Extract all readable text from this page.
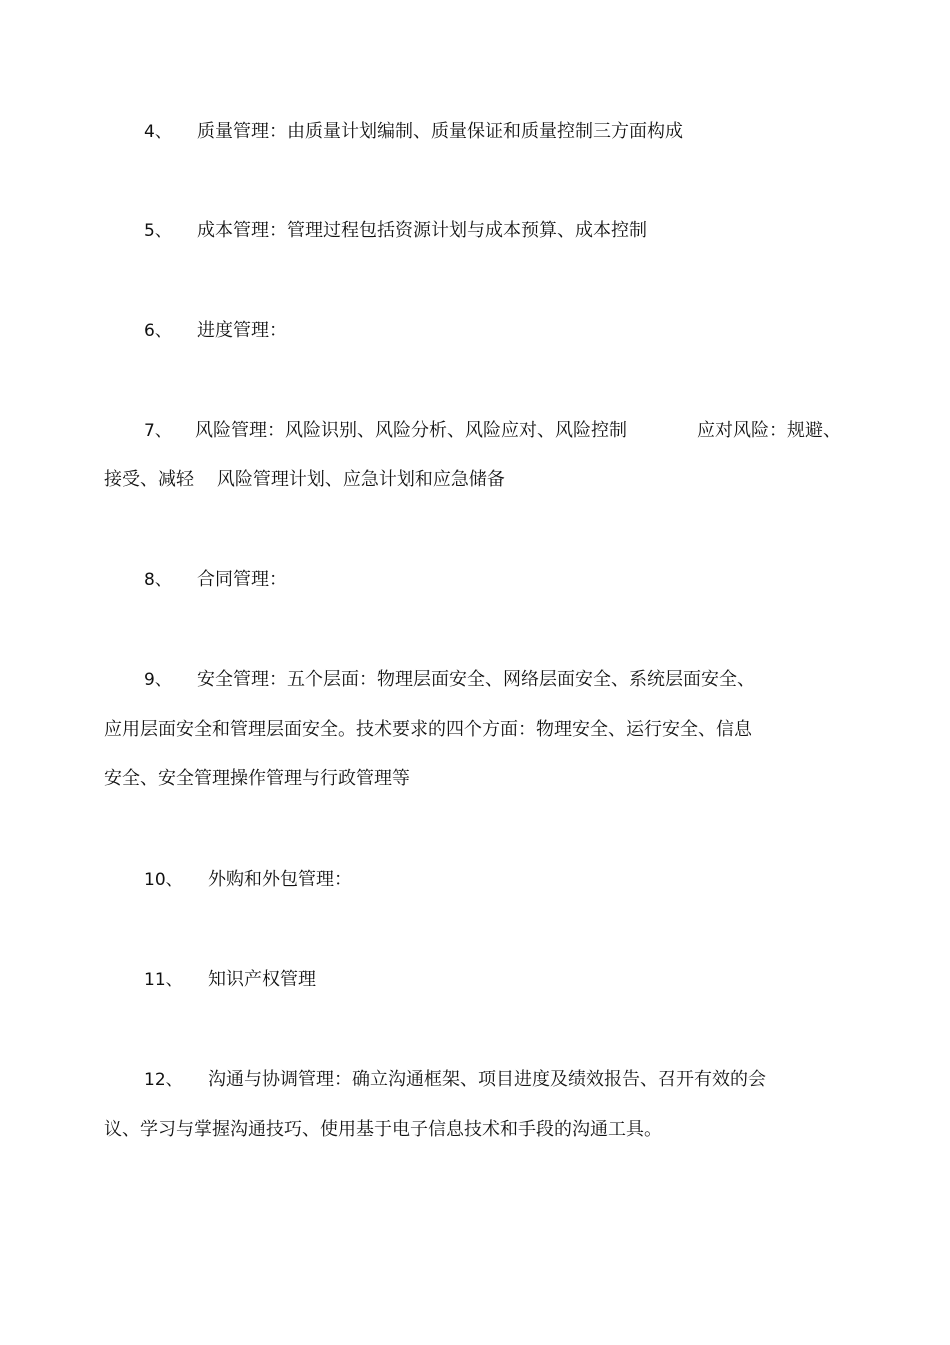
4、 质量管理：由质量计划编制、质量保证和质量控制三方面构成
5、 成本管理：管理过程包括资源计划与成本预算、成本控制
6、 进度管理：
7、 风险管理：风险识别、风险分析、风险应对、风险控制	应对风险：规避、
接受、减轻    风险管理计划、应急计划和应急储备
8、 合同管理：
9、 安全管理：五个层面：物理层面安全、网络层面安全、系统层面安全、
应用层面安全和管理层面安全。技术要求的四个方面：物理安全、运行安全、信息
安全、安全管理操作管理与行政管理等
10、 外购和外包管理：
11、 知识产权管理
12、 沟通与协调管理：确立沟通框架、项目进度及绩效报告、召开有效的会
议、学习与掌握沟通技巧、使用基于电子信息技术和手段的沟通工具。
